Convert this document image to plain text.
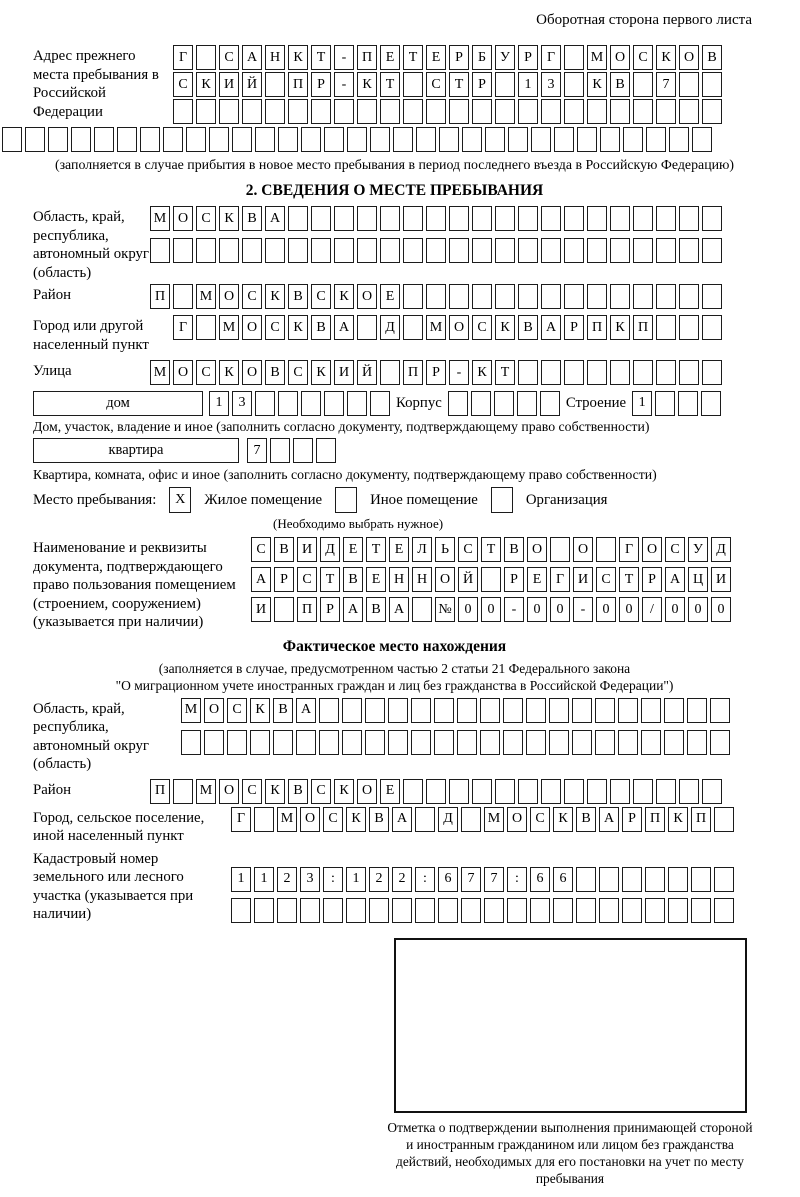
Оборотная сторона первого листа
Адрес прежнего места пребывания в Российской Федерации
Г	С А Н К	Т	-	П Е	Т	Е	Р	Б	У	Р	Г	М О С К О В
С К И Й	П	Р	-	К	Т	С	Т	Р	1	3	К В	7
(заполняется в случае прибытия в новое место пребывания в период последнего въезда в Российскую Федерацию)
2. СВЕДЕНИЯ О МЕСТЕ ПРЕБЫВАНИЯ
Область, край, республика, автономный округ (область)
М О С К В А
Район	П	М О С К В С К О Е
Город или другой населенный пункт
Г	М О С К В А	Д	М О С К В А	Р	П К П
Улица	М О С К О В С К И Й	П	Р	-	К	Т
дом	1	3	Корпус	Строение 1
Дом, участок, владение и иное (заполнить согласно документу, подтверждающему право собственности)
квартира	7
Квартира, комната, офис и иное (заполнить согласно документу, подтверждающему право собственности)
Место пребывания:	X	Жилое помещение	Иное помещение	Организация
(Необходимо выбрать нужное)
Наименование и реквизиты документа, подтверждающего право пользования помещением (строением, сооружением) (указывается при наличии)
С В И Д Е	Т	Е Л	Ь	С	Т	В О	О	Г О С У Д
А	Р	С	Т	В	Е Н Н О Й	Р	Е	Г И С	Т	Р	А Ц И
И	П	Р	А В А	№ 0	0	-	0	0	-	0	0	/	0	0	0
Фактическое место нахождения
(заполняется в случае, предусмотренном частью 2 статьи 21 Федерального закона
"О миграционном учете иностранных граждан и лиц без гражданства в Российской Федерации")
Область, край, республика, автономный округ (область)
М О С К В А
Район	П	М О С К В С К О Е
Город, сельское поселение, иной населенный пункт
Г	М О С К В А	Д	М О С К В А	Р	П К П
Кадастровый номер земельного или лесного участка (указывается при наличии)
1	1	2	3	:	1	2	2	:	6	7	7	:	6	6
Отметка о подтверждении выполнения принимающей стороной и иностранным гражданином или лицом без гражданства действий, необходимых для его постановки на учет по месту пребывания
